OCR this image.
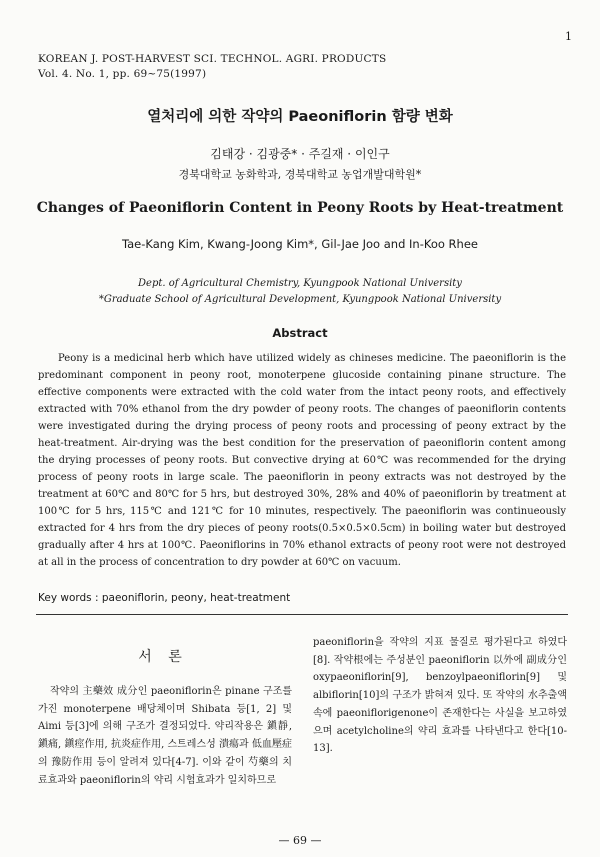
1
KOREAN J. POST-HARVEST SCI. TECHNOL. AGRI. PRODUCTS
Vol. 4. No. 1, pp. 69~75(1997)
열처리에 의한 작약의 Paeoniflorin 함량 변화
김태강 · 김광중* · 주길재 · 이인구
경북대학교 농화학과, 경북대학교 농업개발대학원*
Changes of Paeoniflorin Content in Peony Roots by Heat-treatment
Tae-Kang Kim, Kwang-Joong Kim*, Gil-Jae Joo and In-Koo Rhee
Dept. of Agricultural Chemistry, Kyungpook National University
*Graduate School of Agricultural Development, Kyungpook National University
Abstract

Peony is a medicinal herb which have utilized widely as chineses medicine. The paeoniflorin is the predominant component in peony root, monoterpene glucoside containing pinane structure. The effective components were extracted with the cold water from the intact peony roots, and effectively extracted with 70% ethanol from the dry powder of peony roots. The changes of paeoniflorin contents were investigated during the drying process of peony roots and processing of peony extract by the heat-treatment. Air-drying was the best condition for the preservation of paeoniflorin content among the drying processes of peony roots. But convective drying at 60℃ was recommended for the drying process of peony roots in large scale. The paeoniflorin in peony extracts was not destroyed by the treatment at 60℃ and 80℃ for 5 hrs, but destroyed 30%, 28% and 40% of paeoniflorin by treatment at 100℃ for 5 hrs, 115℃ and 121℃ for 10 minutes, respectively. The paeoniflorin was continueously extracted for 4 hrs from the dry pieces of peony roots(0.5×0.5×0.5cm) in boiling water but destroyed gradually after 4 hrs at 100℃. Paeoniflorins in 70% ethanol extracts of peony root were not destroyed at all in the process of concentration to dry powder at 60℃ on vacuum.

Key words : paeoniflorin, peony, heat-treatment
서 론

작약의 主藥效 成分인 paeoniflorin은 pinane 구조를 가진 monoterpene 배당체이며 Shibata 등[1, 2] 및 Aimi 등[3]에 의해 구조가 결정되었다. 약리작용은 鎭靜, 鎭痛, 鎭痙作用, 抗炎症作用, 스트레스성 潰瘍과 低血壓症의 豫防作用 등이 알려져 있다[4-7]. 이와 같이 芍藥의 치료효과와 paeoniflorin의 약리 시험효과가 일치하므로

paeoniflorin을 작약의 지표 물질로 평가된다고 하였다[8]. 작약根에는 주성분인 paeoniflorin 以外에 副成分인 oxypaeoniflorin[9], benzoylpaeoniflorin[9] 및 albiflorin[10]의 구조가 밝혀져 있다. 또 작약의 水추출액 속에 paeoniflorigenone이 존재한다는 사실을 보고하였으며 acetylcholine의 약리 효과를 나타낸다고 한다[10-13].

— 69 —
